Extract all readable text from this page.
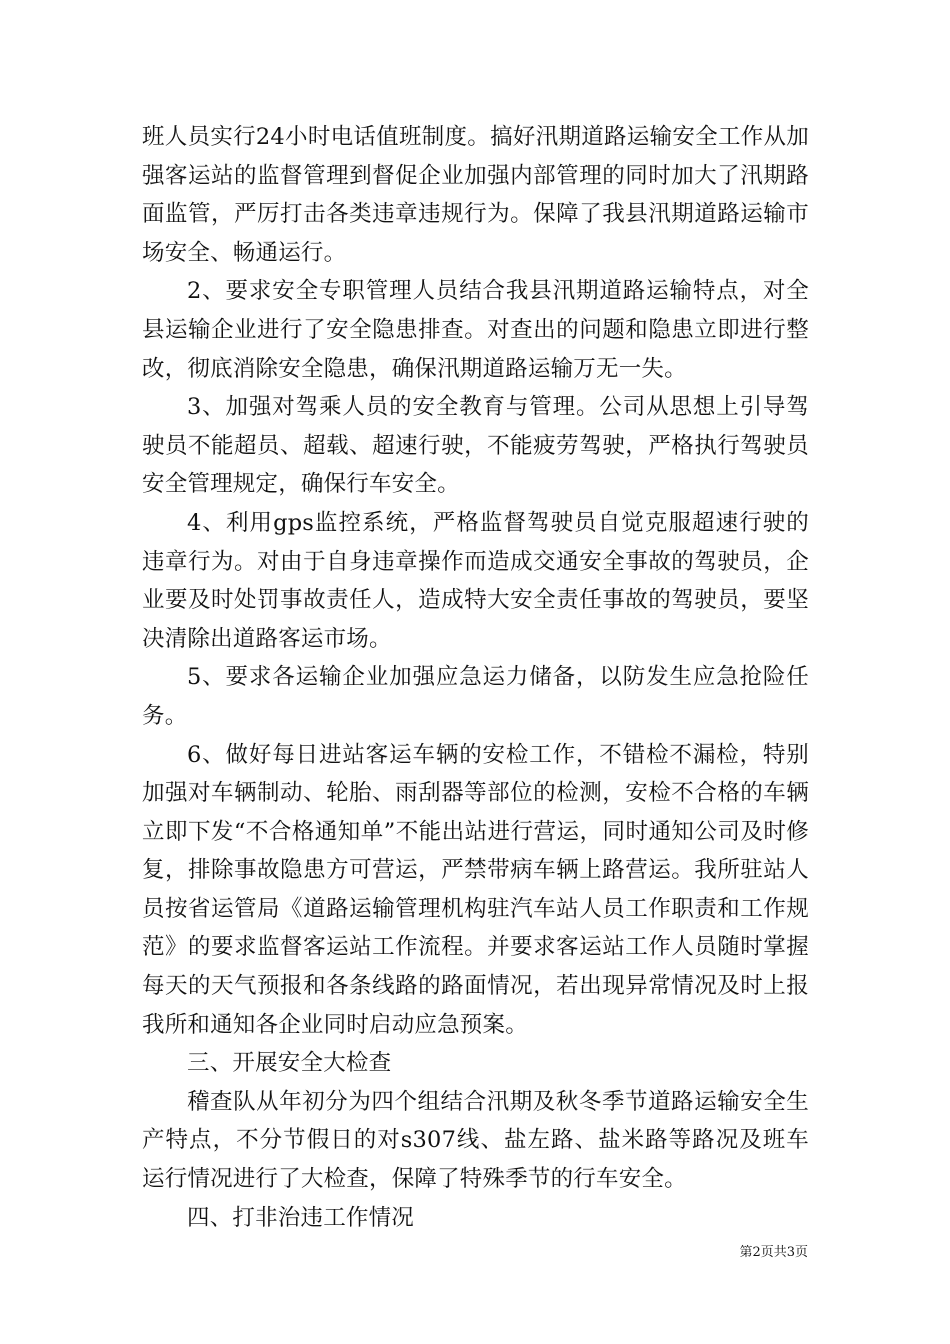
班人员实行24小时电话值班制度。搞好汛期道路运输安全工作从加强客运站的监督管理到督促企业加强内部管理的同时加大了汛期路面监管，严厉打击各类违章违规行为。保障了我县汛期道路运输市场安全、畅通运行。

2、要求安全专职管理人员结合我县汛期道路运输特点，对全县运输企业进行了安全隐患排查。对查出的问题和隐患立即进行整改，彻底消除安全隐患，确保汛期道路运输万无一失。

3、加强对驾乘人员的安全教育与管理。公司从思想上引导驾驶员不能超员、超载、超速行驶，不能疲劳驾驶，严格执行驾驶员安全管理规定，确保行车安全。

4、利用gps监控系统，严格监督驾驶员自觉克服超速行驶的违章行为。对由于自身违章操作而造成交通安全事故的驾驶员，企业要及时处罚事故责任人，造成特大安全责任事故的驾驶员，要坚决清除出道路客运市场。

5、要求各运输企业加强应急运力储备，以防发生应急抢险任务。

6、做好每日进站客运车辆的安检工作，不错检不漏检，特别加强对车辆制动、轮胎、雨刮器等部位的检测，安检不合格的车辆立即下发“不合格通知单”不能出站进行营运，同时通知公司及时修复，排除事故隐患方可营运，严禁带病车辆上路营运。我所驻站人员按省运管局《道路运输管理机构驻汽车站人员工作职责和工作规范》的要求监督客运站工作流程。并要求客运站工作人员随时掌握每天的天气预报和各条线路的路面情况，若出现异常情况及时上报我所和通知各企业同时启动应急预案。

三、开展安全大检查

稽查队从年初分为四个组结合汛期及秋冬季节道路运输安全生产特点，不分节假日的对s307线、盐左路、盐米路等路况及班车运行情况进行了大检查，保障了特殊季节的行车安全。

四、打非治违工作情况

第2页共3页
